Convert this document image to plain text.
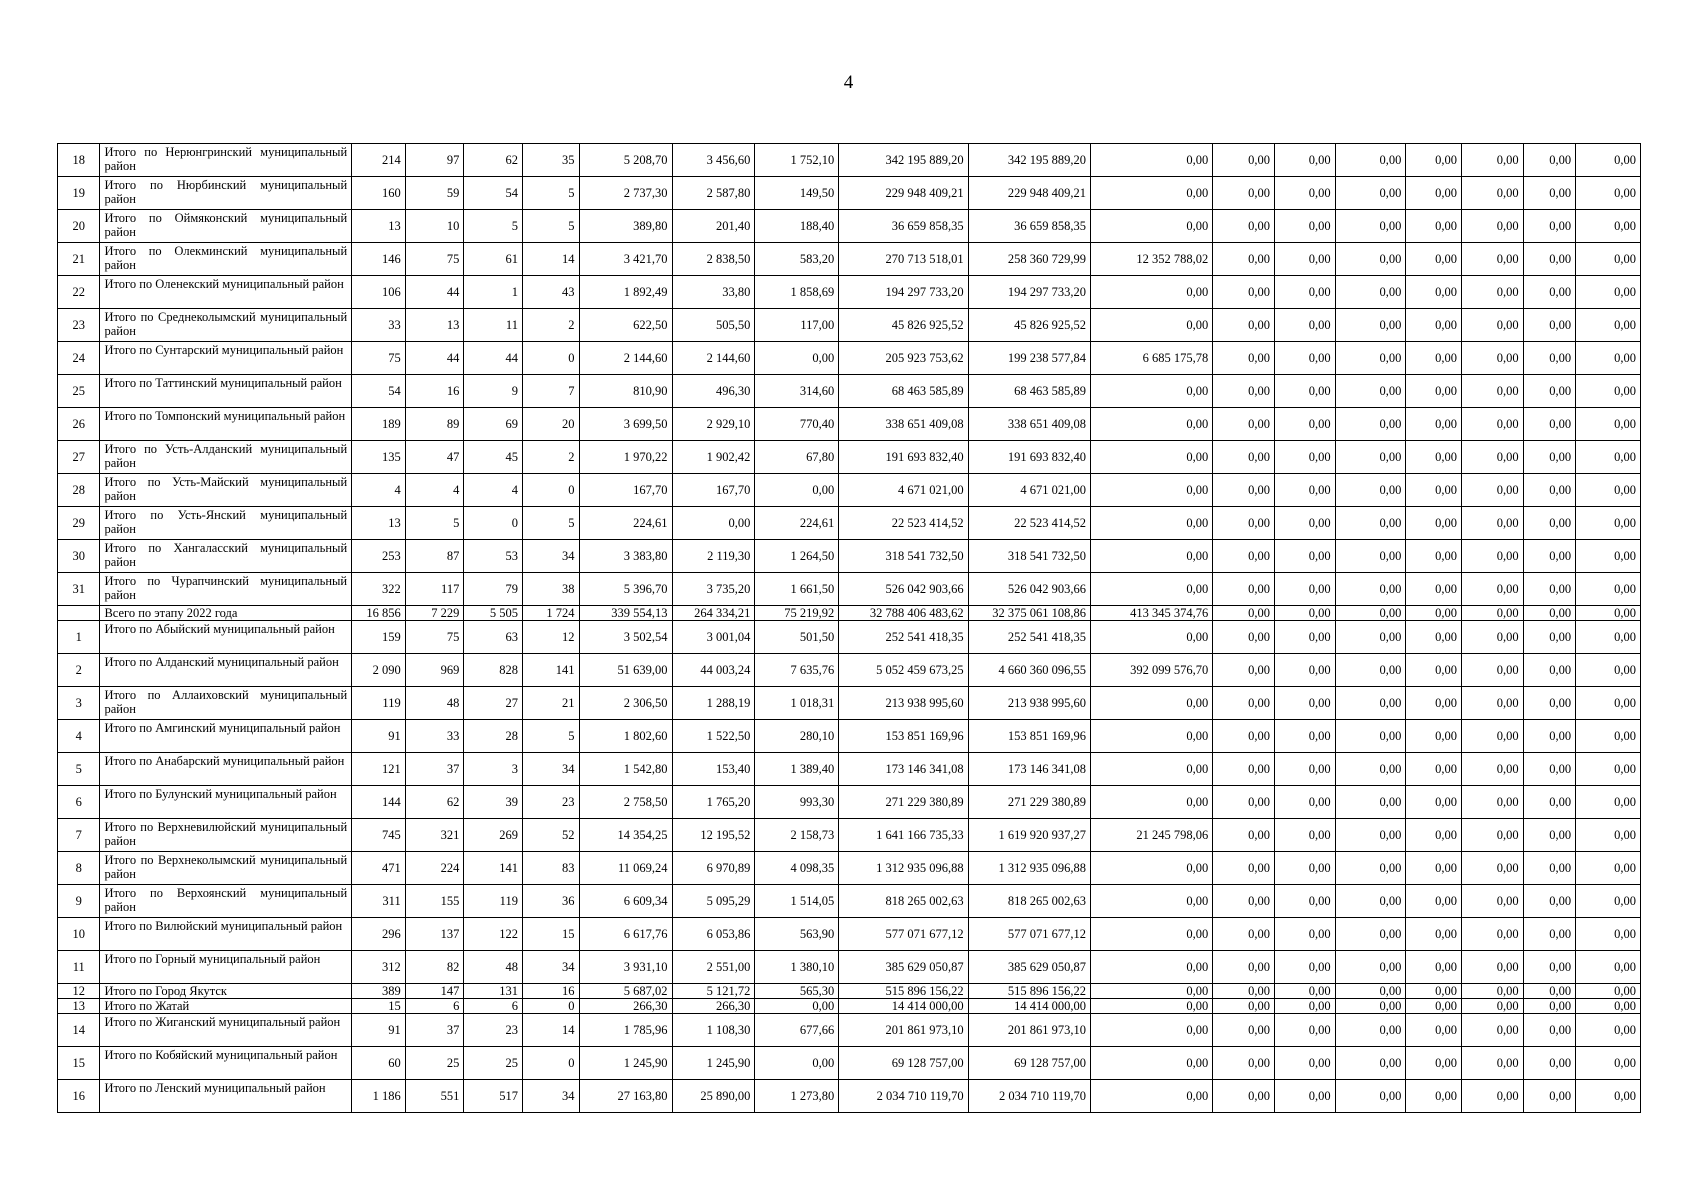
4
18	Итого по Нерюнгринский муниципальный район	214	97	62	35	5 208,70	3 456,60	1 752,10	342 195 889,20	342 195 889,20	0,00	0,00	0,00	0,00	0,00	0,00	0,00	0,00
19	Итого по Нюрбинский муниципальный район	160	59	54	5	2 737,30	2 587,80	149,50	229 948 409,21	229 948 409,21	0,00	0,00	0,00	0,00	0,00	0,00	0,00	0,00
20	Итого по Оймяконский муниципальный район	13	10	5	5	389,80	201,40	188,40	36 659 858,35	36 659 858,35	0,00	0,00	0,00	0,00	0,00	0,00	0,00	0,00
21	Итого по Олекминский муниципальный район	146	75	61	14	3 421,70	2 838,50	583,20	270 713 518,01	258 360 729,99	12 352 788,02	0,00	0,00	0,00	0,00	0,00	0,00	0,00
22	Итого по Оленекский муниципальный район	106	44	1	43	1 892,49	33,80	1 858,69	194 297 733,20	194 297 733,20	0,00	0,00	0,00	0,00	0,00	0,00	0,00	0,00
23	Итого по Среднеколымский муниципальный район	33	13	11	2	622,50	505,50	117,00	45 826 925,52	45 826 925,52	0,00	0,00	0,00	0,00	0,00	0,00	0,00	0,00
24	Итого по Сунтарский муниципальный район	75	44	44	0	2 144,60	2 144,60	0,00	205 923 753,62	199 238 577,84	6 685 175,78	0,00	0,00	0,00	0,00	0,00	0,00	0,00
25	Итого по Таттинский муниципальный район	54	16	9	7	810,90	496,30	314,60	68 463 585,89	68 463 585,89	0,00	0,00	0,00	0,00	0,00	0,00	0,00	0,00
26	Итого по Томпонский муниципальный район	189	89	69	20	3 699,50	2 929,10	770,40	338 651 409,08	338 651 409,08	0,00	0,00	0,00	0,00	0,00	0,00	0,00	0,00
27	Итого по Усть-Алданский муниципальный район	135	47	45	2	1 970,22	1 902,42	67,80	191 693 832,40	191 693 832,40	0,00	0,00	0,00	0,00	0,00	0,00	0,00	0,00
28	Итого по Усть-Майский муниципальный район	4	4	4	0	167,70	167,70	0,00	4 671 021,00	4 671 021,00	0,00	0,00	0,00	0,00	0,00	0,00	0,00	0,00
29	Итого по Усть-Янский муниципальный район	13	5	0	5	224,61	0,00	224,61	22 523 414,52	22 523 414,52	0,00	0,00	0,00	0,00	0,00	0,00	0,00	0,00
30	Итого по Хангаласский муниципальный район	253	87	53	34	3 383,80	2 119,30	1 264,50	318 541 732,50	318 541 732,50	0,00	0,00	0,00	0,00	0,00	0,00	0,00	0,00
31	Итого по Чурапчинский муниципальный район	322	117	79	38	5 396,70	3 735,20	1 661,50	526 042 903,66	526 042 903,66	0,00	0,00	0,00	0,00	0,00	0,00	0,00	0,00
	Всего по этапу 2022 года	16 856	7 229	5 505	1 724	339 554,13	264 334,21	75 219,92	32 788 406 483,62	32 375 061 108,86	413 345 374,76	0,00	0,00	0,00	0,00	0,00	0,00	0,00
1	Итого по Абыйский муниципальный район	159	75	63	12	3 502,54	3 001,04	501,50	252 541 418,35	252 541 418,35	0,00	0,00	0,00	0,00	0,00	0,00	0,00	0,00
2	Итого по Алданский муниципальный район	2 090	969	828	141	51 639,00	44 003,24	7 635,76	5 052 459 673,25	4 660 360 096,55	392 099 576,70	0,00	0,00	0,00	0,00	0,00	0,00	0,00
3	Итого по Аллаиховский муниципальный район	119	48	27	21	2 306,50	1 288,19	1 018,31	213 938 995,60	213 938 995,60	0,00	0,00	0,00	0,00	0,00	0,00	0,00	0,00
4	Итого по Амгинский муниципальный район	91	33	28	5	1 802,60	1 522,50	280,10	153 851 169,96	153 851 169,96	0,00	0,00	0,00	0,00	0,00	0,00	0,00	0,00
5	Итого по Анабарский муниципальный район	121	37	3	34	1 542,80	153,40	1 389,40	173 146 341,08	173 146 341,08	0,00	0,00	0,00	0,00	0,00	0,00	0,00	0,00
6	Итого по Булунский муниципальный район	144	62	39	23	2 758,50	1 765,20	993,30	271 229 380,89	271 229 380,89	0,00	0,00	0,00	0,00	0,00	0,00	0,00	0,00
7	Итого по Верхневилюйский муниципальный район	745	321	269	52	14 354,25	12 195,52	2 158,73	1 641 166 735,33	1 619 920 937,27	21 245 798,06	0,00	0,00	0,00	0,00	0,00	0,00	0,00
8	Итого по Верхнеколымский муниципальный район	471	224	141	83	11 069,24	6 970,89	4 098,35	1 312 935 096,88	1 312 935 096,88	0,00	0,00	0,00	0,00	0,00	0,00	0,00	0,00
9	Итого по Верхоянский муниципальный район	311	155	119	36	6 609,34	5 095,29	1 514,05	818 265 002,63	818 265 002,63	0,00	0,00	0,00	0,00	0,00	0,00	0,00	0,00
10	Итого по Вилюйский муниципальный район	296	137	122	15	6 617,76	6 053,86	563,90	577 071 677,12	577 071 677,12	0,00	0,00	0,00	0,00	0,00	0,00	0,00	0,00
11	Итого по Горный муниципальный район	312	82	48	34	3 931,10	2 551,00	1 380,10	385 629 050,87	385 629 050,87	0,00	0,00	0,00	0,00	0,00	0,00	0,00	0,00
12	Итого по Город Якутск	389	147	131	16	5 687,02	5 121,72	565,30	515 896 156,22	515 896 156,22	0,00	0,00	0,00	0,00	0,00	0,00	0,00	0,00
13	Итого по Жатай	15	6	6	0	266,30	266,30	0,00	14 414 000,00	14 414 000,00	0,00	0,00	0,00	0,00	0,00	0,00	0,00	0,00
14	Итого по Жиганский муниципальный район	91	37	23	14	1 785,96	1 108,30	677,66	201 861 973,10	201 861 973,10	0,00	0,00	0,00	0,00	0,00	0,00	0,00	0,00
15	Итого по Кобяйский муниципальный район	60	25	25	0	1 245,90	1 245,90	0,00	69 128 757,00	69 128 757,00	0,00	0,00	0,00	0,00	0,00	0,00	0,00	0,00
16	Итого по Ленский муниципальный район	1 186	551	517	34	27 163,80	25 890,00	1 273,80	2 034 710 119,70	2 034 710 119,70	0,00	0,00	0,00	0,00	0,00	0,00	0,00	0,00
